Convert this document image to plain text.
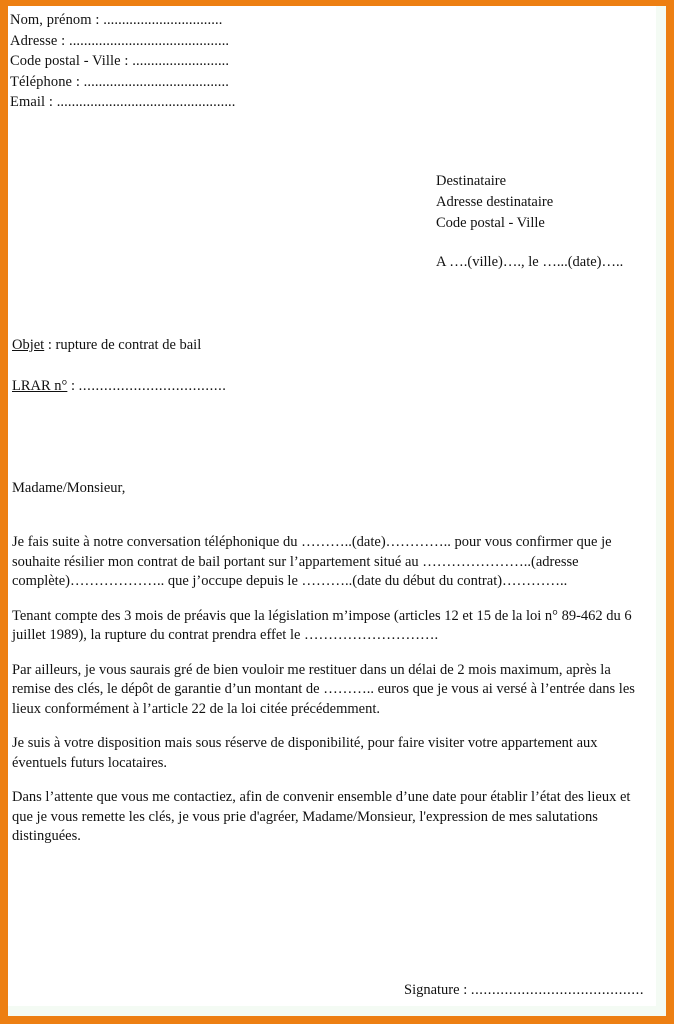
Nom, prénom : ................................
Adresse : ...........................................
Code postal - Ville : ..........................
Téléphone : .......................................
Email : ................................................
Destinataire
Adresse destinataire
Code postal - Ville
A ….(ville)…., le …...(date)…..
Objet : rupture de contrat de bail
LRAR n° : ...................................
Madame/Monsieur,

Je fais suite à notre conversation téléphonique du ………..(date)………….. pour vous confirmer que je souhaite résilier mon contrat de bail portant sur l’appartement situé au …………………..(adresse complète)……………….. que j’occupe depuis le ………..(date du début du contrat)…………..

Tenant compte des 3 mois de préavis que la législation m’impose (articles 12 et 15 de la loi n° 89-462 du 6 juillet 1989), la rupture du contrat prendra effet le ……………………….

Par ailleurs, je vous saurais gré de bien vouloir me restituer dans un délai de 2 mois maximum, après la remise des clés, le dépôt de garantie d’un montant de ……….. euros que je vous ai versé à l’entrée dans les lieux conformément à l’article 22 de la loi citée précédemment.

Je suis à votre disposition mais sous réserve de disponibilité, pour faire visiter votre appartement aux éventuels futurs locataires.

Dans l’attente que vous me contactiez, afin de convenir ensemble d’une date pour établir l’état des lieux et que je vous remette les clés, je vous prie d'agréer, Madame/Monsieur, l'expression de mes salutations distinguées.

Signature : .........................................
